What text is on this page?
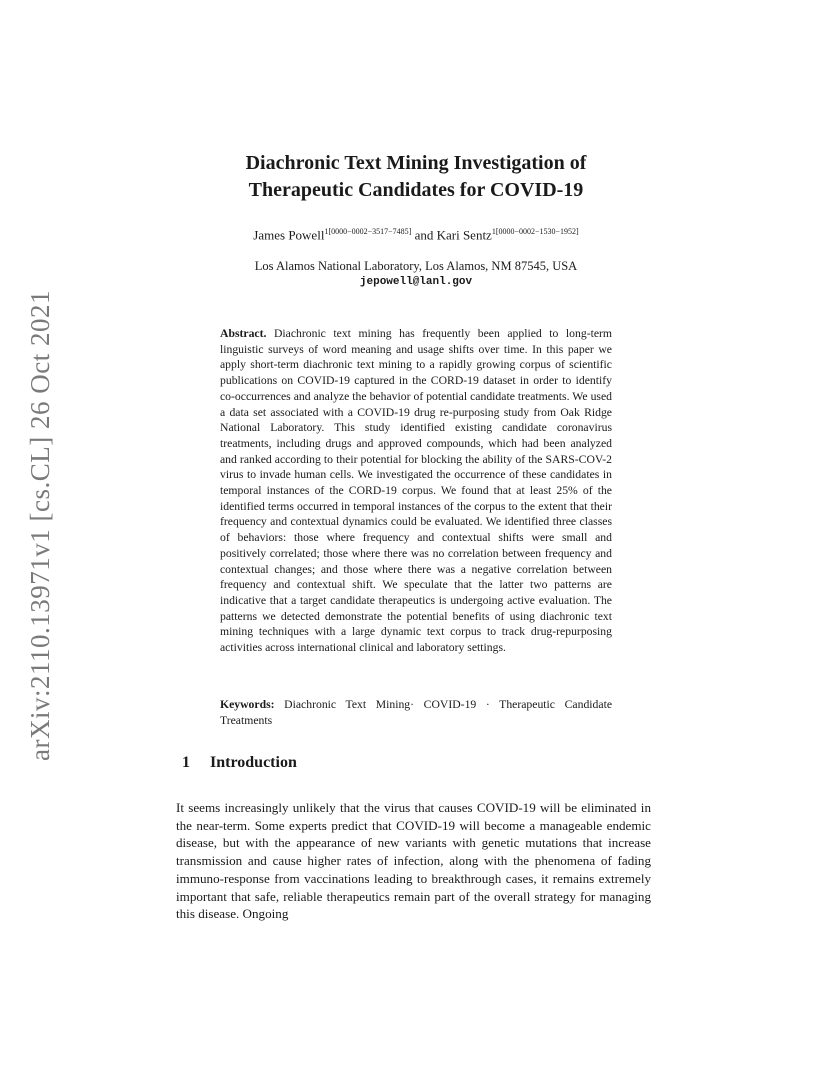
arXiv:2110.13971v1 [cs.CL] 26 Oct 2021
Diachronic Text Mining Investigation of
Therapeutic Candidates for COVID-19
James Powell$^{1[0000-0002-3517-7485]}$ and Kari Sentz$^{1[0000-0002-1530-1952]}$
Los Alamos National Laboratory, Los Alamos, NM 87545, USA
jepowell@lanl.gov
Abstract. Diachronic text mining has frequently been applied to long-term linguistic surveys of word meaning and usage shifts over time. In this paper we apply short-term diachronic text mining to a rapidly growing corpus of scientific publications on COVID-19 captured in the CORD-19 dataset in order to identify co-occurrences and analyze the behavior of potential candidate treatments. We used a data set associated with a COVID-19 drug re-purposing study from Oak Ridge National Laboratory. This study identified existing candidate coronavirus treatments, including drugs and approved compounds, which had been analyzed and ranked according to their potential for blocking the ability of the SARS-COV-2 virus to invade human cells. We investigated the occurrence of these candidates in temporal instances of the CORD-19 corpus. We found that at least 25% of the identified terms occurred in temporal instances of the corpus to the extent that their frequency and contextual dynamics could be evaluated. We identified three classes of behaviors: those where frequency and contextual shifts were small and positively correlated; those where there was no correlation between frequency and contextual changes; and those where there was a negative correlation between frequency and contextual shift. We speculate that the latter two patterns are indicative that a target candidate therapeutics is undergoing active evaluation. The patterns we detected demonstrate the potential benefits of using diachronic text mining techniques with a large dynamic text corpus to track drug-repurposing activities across international clinical and laboratory settings.
Keywords: Diachronic Text Mining· COVID-19 · Therapeutic Candidate Treatments
1 Introduction
It seems increasingly unlikely that the virus that causes COVID-19 will be eliminated in the near-term. Some experts predict that COVID-19 will become a manageable endemic disease, but with the appearance of new variants with genetic mutations that increase transmission and cause higher rates of infection, along with the phenomena of fading immuno-response from vaccinations leading to breakthrough cases, it remains extremely important that safe, reliable therapeutics remain part of the overall strategy for managing this disease. Ongoing
